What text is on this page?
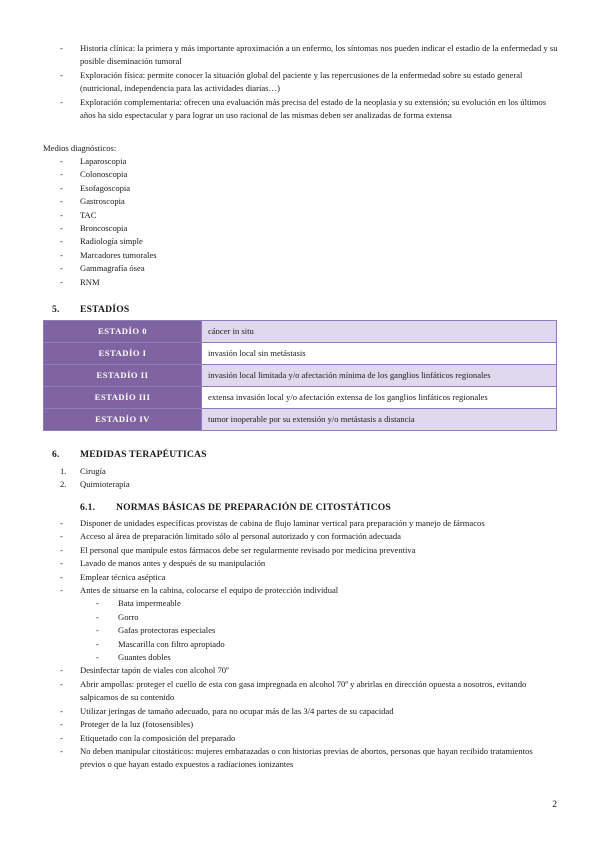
- Historia clínica: la primera y más importante aproximación a un enfermo, los síntomas nos pueden indicar el estadio de la enfermedad y su posible diseminación tumoral
- Exploración física: permite conocer la situación global del paciente y las repercusiones de la enfermedad sobre su estado general (nutricional, independencia para las actividades diarias…)
- Exploración complementaria: ofrecen una evaluación más precisa del estado de la neoplasia y su extensión; su evolución en los últimos años ha sido espectacular y para lograr un uso racional de las mismas deben ser analizadas de forma extensa
Medios diagnósticos:
- Laparoscopia
- Colonoscopia
- Esofagoscopia
- Gastroscopia
- TAC
- Broncoscopia
- Radiología simple
- Marcadores tumorales
- Gammagrafía ósea
- RNM
5. ESTADÍOS
ESTADÍO 0	cáncer in situ
ESTADÍO I	invasión local sin metástasis
ESTADÍO II	invasión local limitada y/o afectación mínima de los ganglios linfáticos regionales
ESTADÍO III	extensa invasión local y/o afectación extensa de los ganglios linfáticos regionales
ESTADÍO IV	tumor inoperable por su extensión y/o metástasis a distancia
6. MEDIDAS TERAPÉUTICAS
1. Cirugía
2. Quimioterapia
6.1. NORMAS BÁSICAS DE PREPARACIÓN DE CITOSTÁTICOS
- Disponer de unidades específicas provistas de cabina de flujo laminar vertical para preparación y manejo de fármacos
- Acceso al área de preparación limitado sólo al personal autorizado y con formación adecuada
- El personal que manipule estos fármacos debe ser regularmente revisado por medicina preventiva
- Lavado de manos antes y después de su manipulación
- Emplear técnica aséptica
- Antes de situarse en la cabina, colocarse el equipo de protección individual
- Bata impermeable
- Gorro
- Gafas protectoras especiales
- Mascarilla con filtro apropiado
- Guantes dobles
- Desinfectar tapón de viales con alcohol 70º
- Abrir ampollas: proteger el cuello de esta con gasa impregnada en alcohol 70º y abrirlas en dirección opuesta a nosotros, evitando salpicamos de su contenido
- Utilizar jeringas de tamaño adecuado, para no ocupar más de las 3/4 partes de su capacidad
- Proteger de la luz (fotosensibles)
- Etiquetado con la composición del preparado
- No deben manipular citostáticos: mujeres embarazadas o con historias previas de abortos, personas que hayan recibido tratamientos previos o que hayan estado expuestos a radiaciones ionizantes
2
